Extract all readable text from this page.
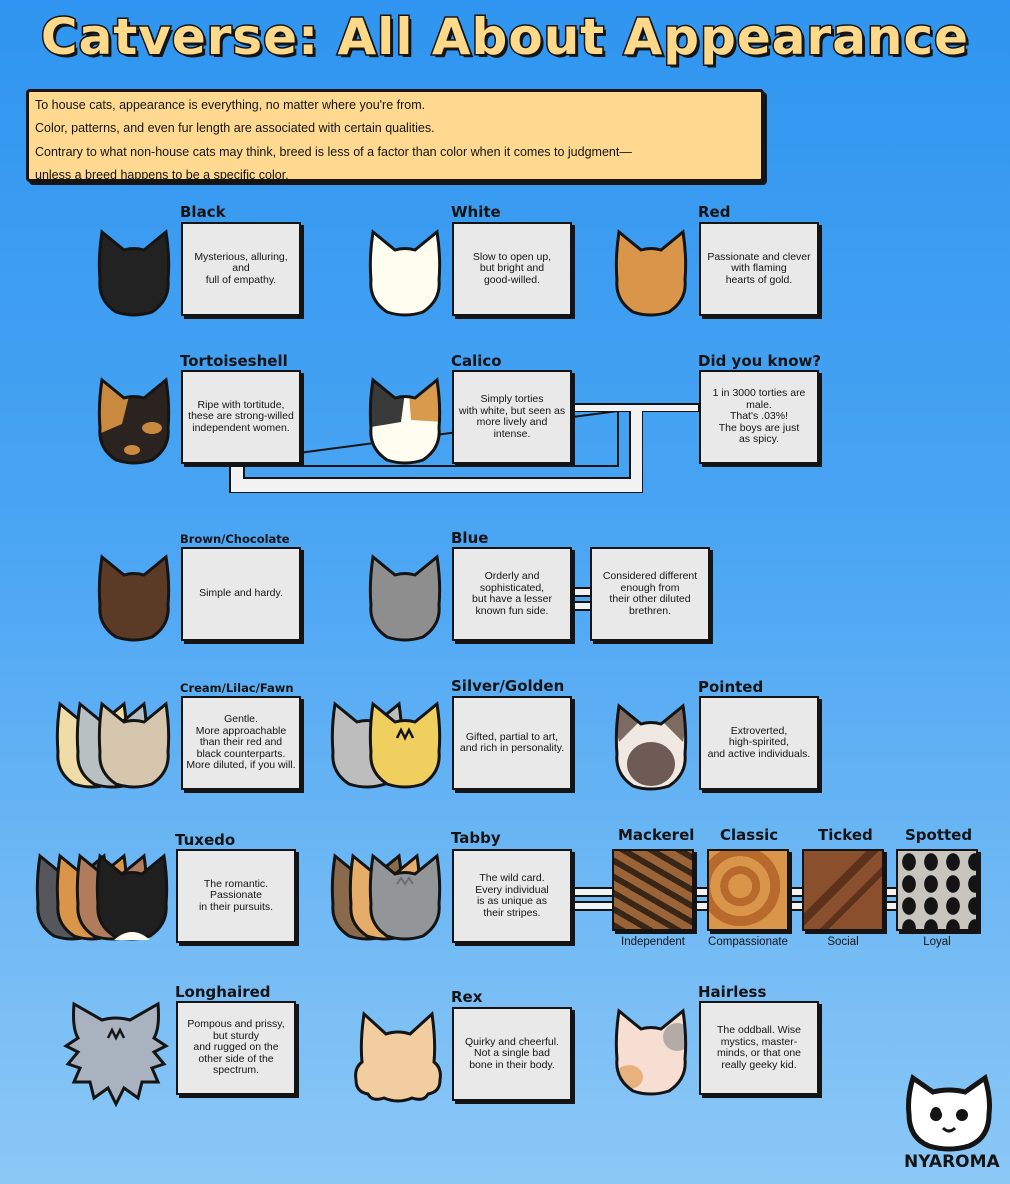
Catverse: All About Appearance

To house cats, appearance is everything, no matter where you're from.

Color, patterns, and even fur length are associated with certain qualities.

Contrary to what non-house cats may think, breed is less of a factor than color when it comes to judgment—

unless a breed happens to be a specific color.

Black
Mysterious, alluring,
and
full of empathy.
White
Slow to open up,
but bright and
good-willed.
Red
Passionate and clever
with flaming
hearts of gold.
Tortoiseshell
Ripe with tortitude,
these are strong-willed
independent women.
Calico
Simply torties
with white, but seen as
more lively and
intense.
Did you know?
1 in 3000 torties are
male.
That's .03%!
The boys are just
as spicy.
Brown/Chocolate
Simple and hardy.
Blue
Orderly and
sophisticated,
but have a lesser
known fun side.
Considered different
enough from
their other diluted
brethren.
Cream/Lilac/Fawn
Gentle.
More approachable
than their red and
black counterparts.
More diluted, if you will.
Silver/Golden
Gifted, partial to art,
and rich in personality.
Pointed
Extroverted,
high-spirited,
and active individuals.
Tuxedo
The romantic.
Passionate
in their pursuits.
Tabby
The wild card.
Every individual
is as unique as
their stripes.
Mackerel
Independent
Classic
Compassionate
Ticked
Social
Spotted
Loyal
Longhaired
Pompous and prissy,
but sturdy
and rugged on the
other side of the
spectrum.
Rex
Quirky and cheerful.
Not a single bad
bone in their body.
Hairless
The oddball. Wise
mystics, master-
minds, or that one
really geeky kid.
NYAROMA
